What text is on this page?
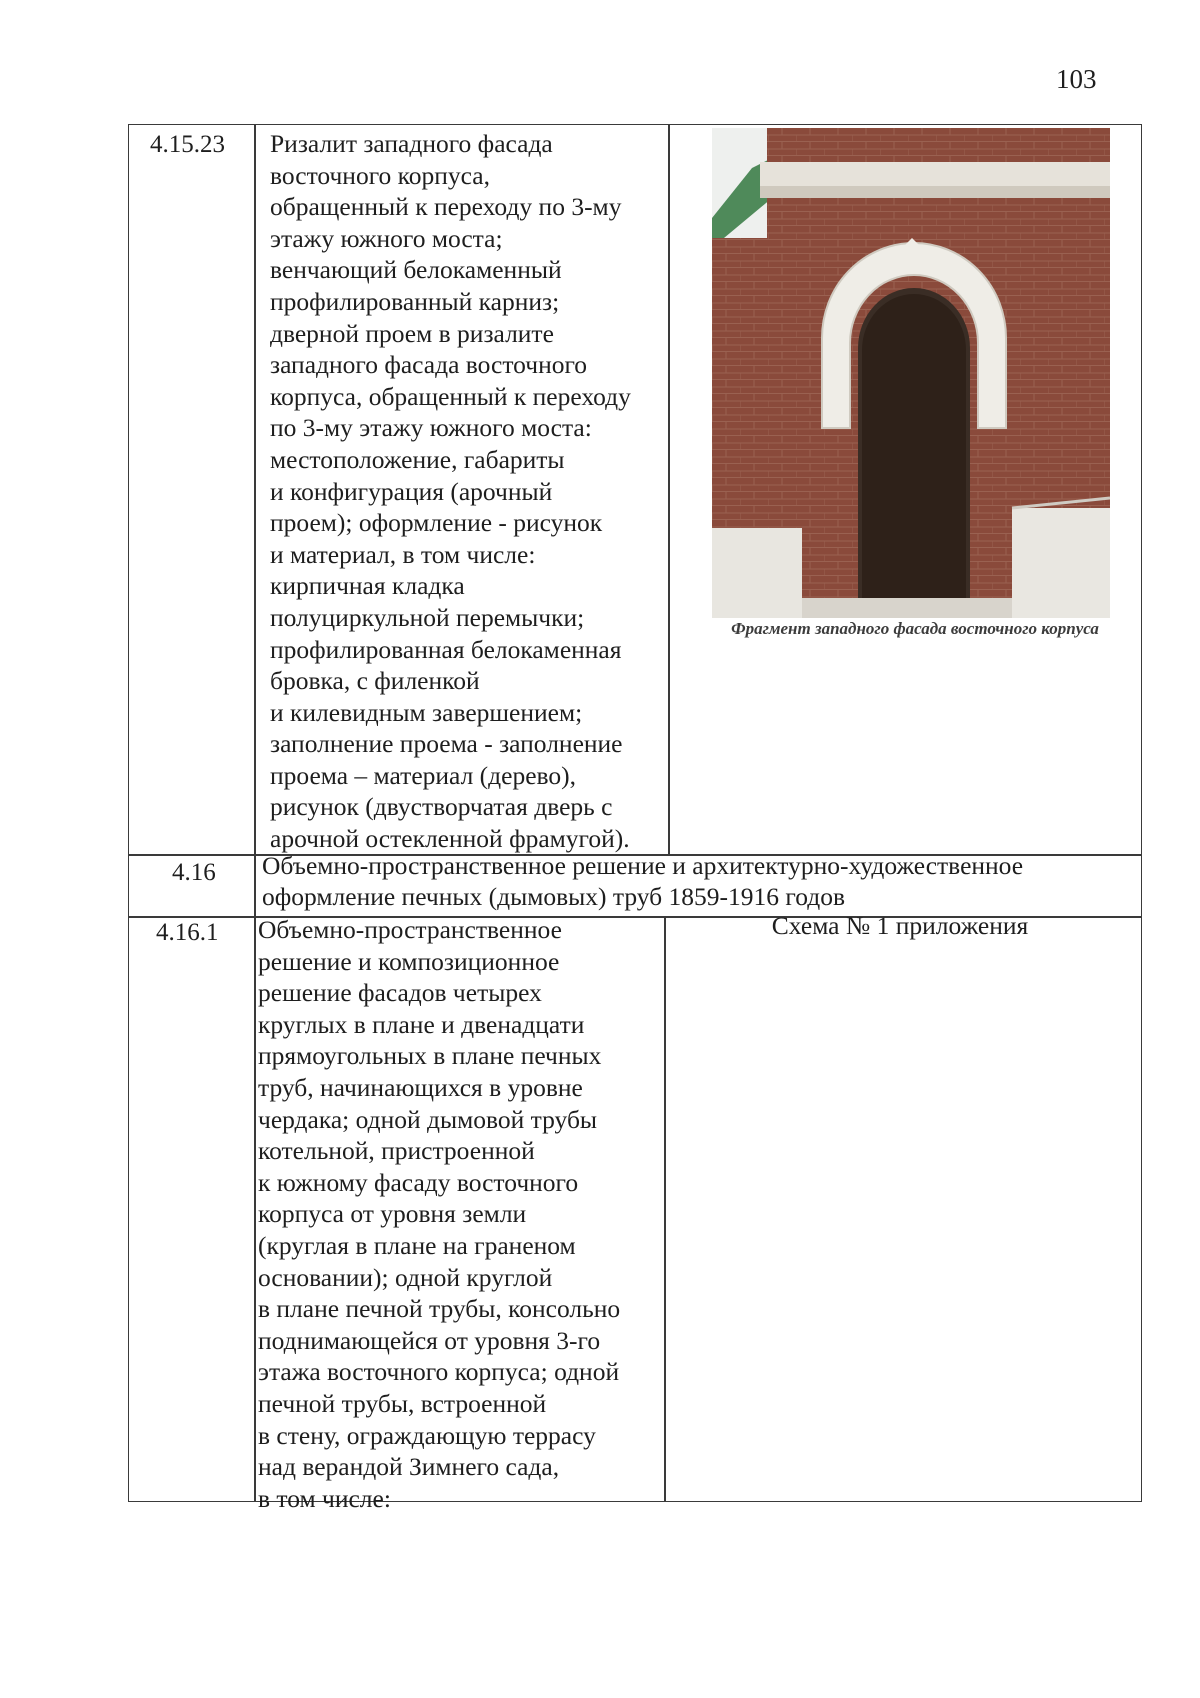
103
4.15.23 Ризалит западного фасада
восточного корпуса,
обращенный к переходу по 3-му
этажу южного моста;
венчающий белокаменный
профилированный карниз;
дверной проем в ризалите
западного фасада восточного
корпуса, обращенный к переходу
по 3-му этажу южного моста:
местоположение, габариты
и конфигурация (арочный
проем); оформление - рисунок
и материал, в том числе:
кирпичная кладка
полуциркульной перемычки;
профилированная белокаменная
бровка, с филенкой
и килевидным завершением;
заполнение проема - заполнение
проема – материал (дерево),
рисунок (двустворчатая дверь с
арочной остекленной фрамугой).
Фрагмент западного фасада восточного корпуса
4.16 Объемно-пространственное решение и архитектурно-художественное
оформление печных (дымовых) труб 1859-1916 годов
4.16.1 Объемно-пространственное
решение и композиционное
решение фасадов четырех
круглых в плане и двенадцати
прямоугольных в плане печных
труб, начинающихся в уровне
чердака; одной дымовой трубы
котельной, пристроенной
к южному фасаду восточного
корпуса от уровня земли
(круглая в плане на граненом
основании); одной круглой
в плане печной трубы, консольно
поднимающейся от уровня 3-го
этажа восточного корпуса; одной
печной трубы, встроенной
в стену, ограждающую террасу
над верандой Зимнего сада,
в том числе:
Схема № 1 приложения
